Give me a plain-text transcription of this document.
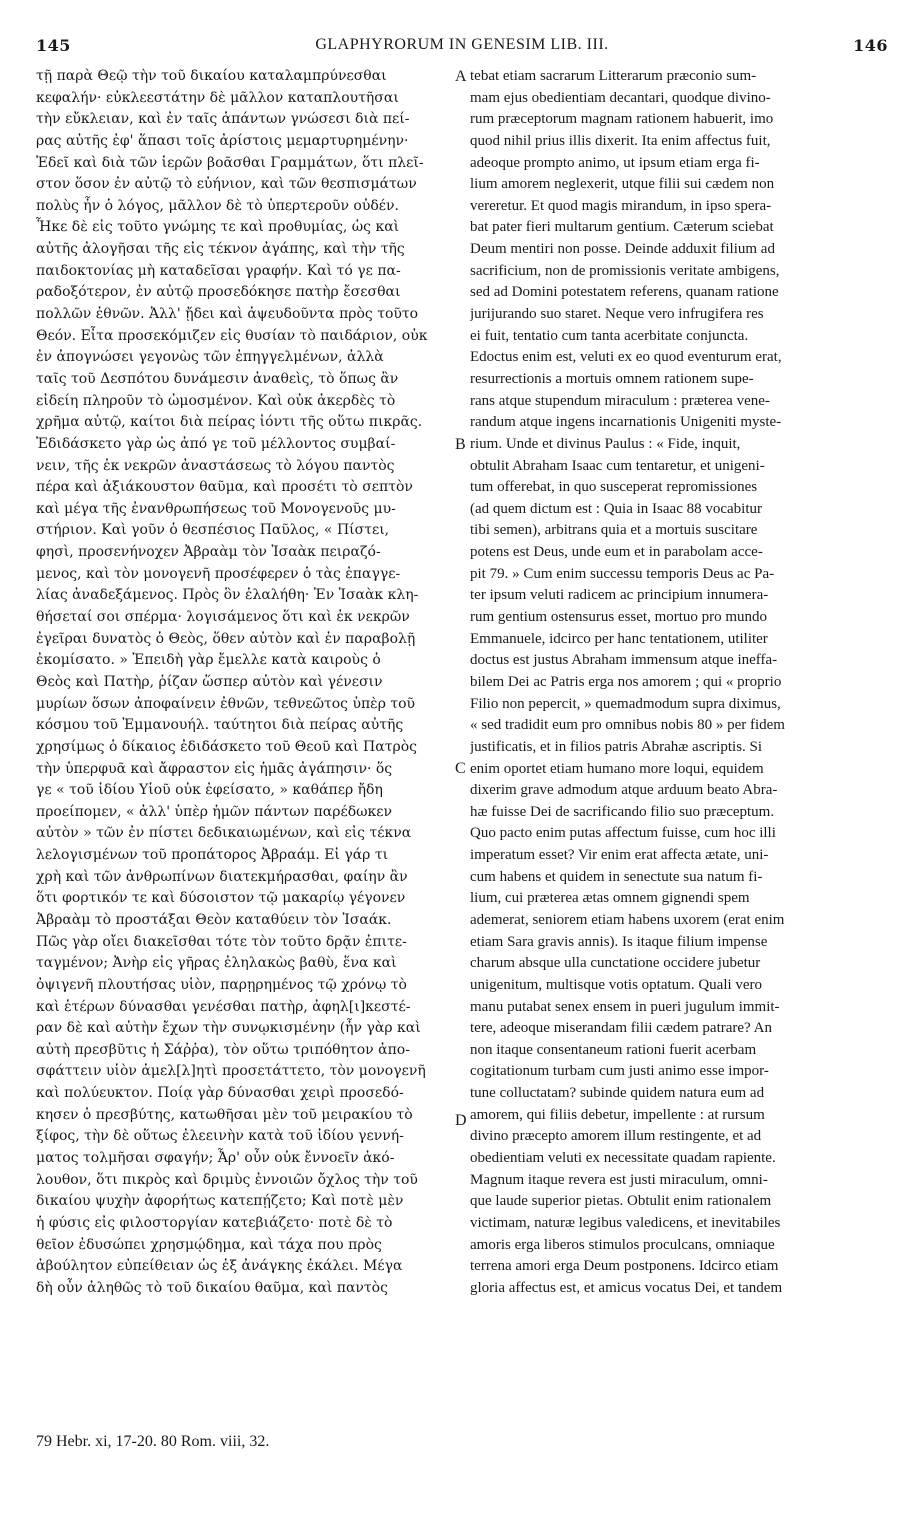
145	GLAPHYRORUM IN GENESIM LIB. III.	146
τῇ παρὰ Θεῷ τὴν τοῦ δικαίου καταλαμπρύνεσθαι
κεφαλήν· εὐκλεεστάτην δὲ μᾶλλον καταπλουτῆσαι
τὴν εὔκλειαν, καὶ ἐν ταῖς ἁπάντων γνώσεσι διὰ πεί-
ρας αὐτῆς ἐφ' ἅπασι τοῖς ἀρίστοις μεμαρτυρημένην·
Ἐδεῖ καὶ διὰ τῶν ἱερῶν βοᾶσθαι Γραμμάτων, ὅτι πλεῖ-
στον ὅσον ἐν αὐτῷ τὸ εὐήνιον, καὶ τῶν θεσπισμάτων
πολὺς ἦν ὁ λόγος, μᾶλλον δὲ τὸ ὑπερτεροῦν οὐδέν.
Ἧκε δὲ εἰς τοῦτο γνώμης τε καὶ προθυμίας, ὡς καὶ
αὐτῆς ἀλογῆσαι τῆς εἰς τέκνον ἀγάπης, καὶ τὴν τῆς
παιδοκτονίας μὴ καταδεῖσαι γραφήν. Καὶ τό γε πα-
ραδοξότερον, ἐν αὐτῷ προσεδόκησε πατὴρ ἔσεσθαι
πολλῶν ἐθνῶν. Ἀλλ' ᾔδει καὶ ἀψευδοῦντα πρὸς τοῦτο
Θεόν. Εἶτα προσεκόμιζεν εἰς θυσίαν τὸ παιδάριον, οὐκ
ἐν ἀπογνώσει γεγονὼς τῶν ἐπηγγελμένων, ἀλλὰ
ταῖς τοῦ Δεσπότου δυνάμεσιν ἀναθεὶς, τὸ ὅπως ἂν
εἰδείη πληροῦν τὸ ὠμοσμένον. Καὶ οὐκ ἀκερδὲς τὸ
χρῆμα αὐτῷ, καίτοι διὰ πείρας ἰόντι τῆς οὕτω πικρᾶς.
Ἐδιδάσκετο γὰρ ὡς ἀπό γε τοῦ μέλλοντος συμβαί-
νειν, τῆς ἐκ νεκρῶν ἀναστάσεως τὸ λόγου παντὸς
πέρα καὶ ἀξιάκουστον θαῦμα, καὶ προσέτι τὸ σεπτὸν
καὶ μέγα τῆς ἐνανθρωπήσεως τοῦ Μονογενοῦς μυ-
στήριον. Καὶ γοῦν ὁ θεσπέσιος Παῦλος, « Πίστει,
φησὶ, προσενήνοχεν Ἀβραὰμ τὸν Ἰσαὰκ πειραζό-
μενος, καὶ τὸν μονογενῆ προσέφερεν ὁ τὰς ἐπαγγε-
λίας ἀναδεξάμενος. Πρὸς ὃν ἐλαλήθη· Ἐν Ἰσαὰκ κλη-
θήσεταί σοι σπέρμα· λογισάμενος ὅτι καὶ ἐκ νεκρῶν
ἐγεῖραι δυνατὸς ὁ Θεὸς, ὅθεν αὐτὸν καὶ ἐν παραβολῇ
ἐκομίσατο. » Ἐπειδὴ γὰρ ἔμελλε κατὰ καιροὺς ὁ
Θεὸς καὶ Πατὴρ, ῥίζαν ὥσπερ αὐτὸν καὶ γένεσιν
μυρίων ὅσων ἀποφαίνειν ἐθνῶν, τεθνεῶτος ὑπὲρ τοῦ
κόσμου τοῦ Ἐμμανουήλ. ταύτητοι διὰ πείρας αὐτῆς
χρησίμως ὁ δίκαιος ἐδιδάσκετο τοῦ Θεοῦ καὶ Πατρὸς
τὴν ὑπερφυᾶ καὶ ἄφραστον εἰς ἡμᾶς ἀγάπησιν· ὅς
γε « τοῦ ἰδίου Υἱοῦ οὐκ ἐφείσατο, » καθάπερ ἤδη
προείπομεν, « ἀλλ' ὑπὲρ ἡμῶν πάντων παρέδωκεν
αὐτὸν » τῶν ἐν πίστει δεδικαιωμένων, καὶ εἰς τέκνα
λελογισμένων τοῦ προπάτορος Ἀβραάμ. Εἰ γάρ τι
χρὴ καὶ τῶν ἀνθρωπίνων διατεκμήρασθαι, φαίην ἂν
ὅτι φορτικόν τε καὶ δύσοιστον τῷ μακαρίῳ γέγονεν
Ἀβραὰμ τὸ προστάξαι Θεὸν καταθύειν τὸν Ἰσαάκ.
Πῶς γὰρ οἴει διακεῖσθαι τότε τὸν τοῦτο δρᾷν ἐπιτε-
ταγμένον; Ἀνὴρ εἰς γῆρας ἐληλακὼς βαθὺ, ἕνα καὶ
ὀψιγενῆ πλουτήσας υἱὸν, παρῃρημένος τῷ χρόνῳ τὸ
καὶ ἑτέρων δύνασθαι γενέσθαι πατὴρ, ἀφηλ[ι]κεστέ-
ραν δὲ καὶ αὐτὴν ἔχων τὴν συνῳκισμένην (ἦν γὰρ καὶ
αὐτὴ πρεσβῦτις ἡ Σάῤῥα), τὸν οὕτω τριπόθητον ἀπο-
σφάττειν υἱὸν ἀμελ[λ]ητὶ προσετάττετο, τὸν μονογενῆ
καὶ πολύευκτον. Ποίᾳ γὰρ δύνασθαι χειρὶ προσεδό-
κησεν ὁ πρεσβύτης, κατωθῆσαι μὲν τοῦ μειρακίου τὸ
ξίφος, τὴν δὲ οὕτως ἐλεεινὴν κατὰ τοῦ ἰδίου γεννή-
ματος τολμῆσαι σφαγήν; Ἆρ' οὖν οὐκ ἔννοεῖν ἀκό-
λουθον, ὅτι πικρὸς καὶ δριμὺς ἐννοιῶν ὄχλος τὴν τοῦ
δικαίου ψυχὴν ἀφορήτως κατεπῄζετο; Καὶ ποτὲ μὲν
ἡ φύσις εἰς φιλοστοργίαν κατεβιάζετο· ποτὲ δὲ τὸ
θεῖον ἐδυσώπει χρησμῴδημα, καὶ τάχα που πρὸς
ἀβούλητον εὐπείθειαν ὡς ἐξ ἀνάγκης ἐκάλει. Μέγα
δὴ οὖν ἀληθῶς τὸ τοῦ δικαίου θαῦμα, καὶ παντὸς
tebat etiam sacrarum Litterarum præconio sum-
mam ejus obedientiam decantari, quodque divino-
rum præceptorum magnam rationem habuerit, imo
quod nihil prius illis dixerit. Ita enim affectus fuit,
adeoque prompto animo, ut ipsum etiam erga fi-
lium amorem neglexerit, utque filii sui cædem non
vereretur. Et quod magis mirandum, in ipso spera-
bat pater fieri multarum gentium. Cæterum sciebat
Deum mentiri non posse. Deinde adduxit filium ad
sacrificium, non de promissionis veritate ambigens,
sed ad Domini potestatem referens, quanam ratione
jurijurando suo staret. Neque vero infrugifera res
ei fuit, tentatio cum tanta acerbitate conjuncta.
Edoctus enim est, veluti ex eo quod eventurum erat,
resurrectionis a mortuis omnem rationem supe-
rans atque stupendum miraculum : præterea vene-
randum atque ingens incarnationis Unigeniti myste-
rium. Unde et divinus Paulus : « Fide, inquit,
obtulit Abraham Isaac cum tentaretur, et unigeni-
tum offerebat, in quo susceperat repromissiones
(ad quem dictum est : Quia in Isaac 88 vocabitur
tibi semen), arbitrans quia et a mortuis suscitare
potens est Deus, unde eum et in parabolam acce-
pit 79. » Cum enim successu temporis Deus ac Pa-
ter ipsum veluti radicem ac principium innumera-
rum gentium ostensurus esset, mortuo pro mundo
Emmanuele, idcirco per hanc tentationem, utiliter
doctus est justus Abraham immensum atque ineffa-
bilem Dei ac Patris erga nos amorem ; qui « proprio
Filio non pepercit, » quemadmodum supra diximus,
« sed tradidit eum pro omnibus nobis 80 » per fidem
justificatis, et in filios patris Abrahæ ascriptis. Si
enim oportet etiam humano more loqui, equidem
dixerim grave admodum atque arduum beato Abra-
hæ fuisse Dei de sacrificando filio suo præceptum.
Quo pacto enim putas affectum fuisse, cum hoc illi
imperatum esset? Vir enim erat affecta ætate, uni-
cum habens et quidem in senectute sua natum fi-
lium, cui præterea ætas omnem gignendi spem
ademerat, seniorem etiam habens uxorem (erat enim
etiam Sara gravis annis). Is itaque filium impense
charum absque ulla cunctatione occidere jubetur
unigenitum, multisque votis optatum. Quali vero
manu putabat senex ensem in pueri jugulum immit-
tere, adeoque miserandam filii cædem patrare? An
non itaque consentaneum rationi fuerit acerbam
cogitationum turbam cum justi animo esse impor-
tune colluctatam? subinde quidem natura eum ad
amorem, qui filiis debetur, impellente : at rursum
divino præcepto amorem illum restingente, et ad
obedientiam veluti ex necessitate quadam rapiente.
Magnum itaque revera est justi miraculum, omni-
que laude superior pietas. Obtulit enim rationalem
victimam, naturæ legibus valedicens, et inevitabiles
amoris erga liberos stimulos proculcans, omniaque
terrena amori erga Deum postponens. Idcirco etiam
gloria affectus est, et amicus vocatus Dei, et tandem
A
B
C
D
79 Hebr. xi, 17-20. 80 Rom. viii, 32.
